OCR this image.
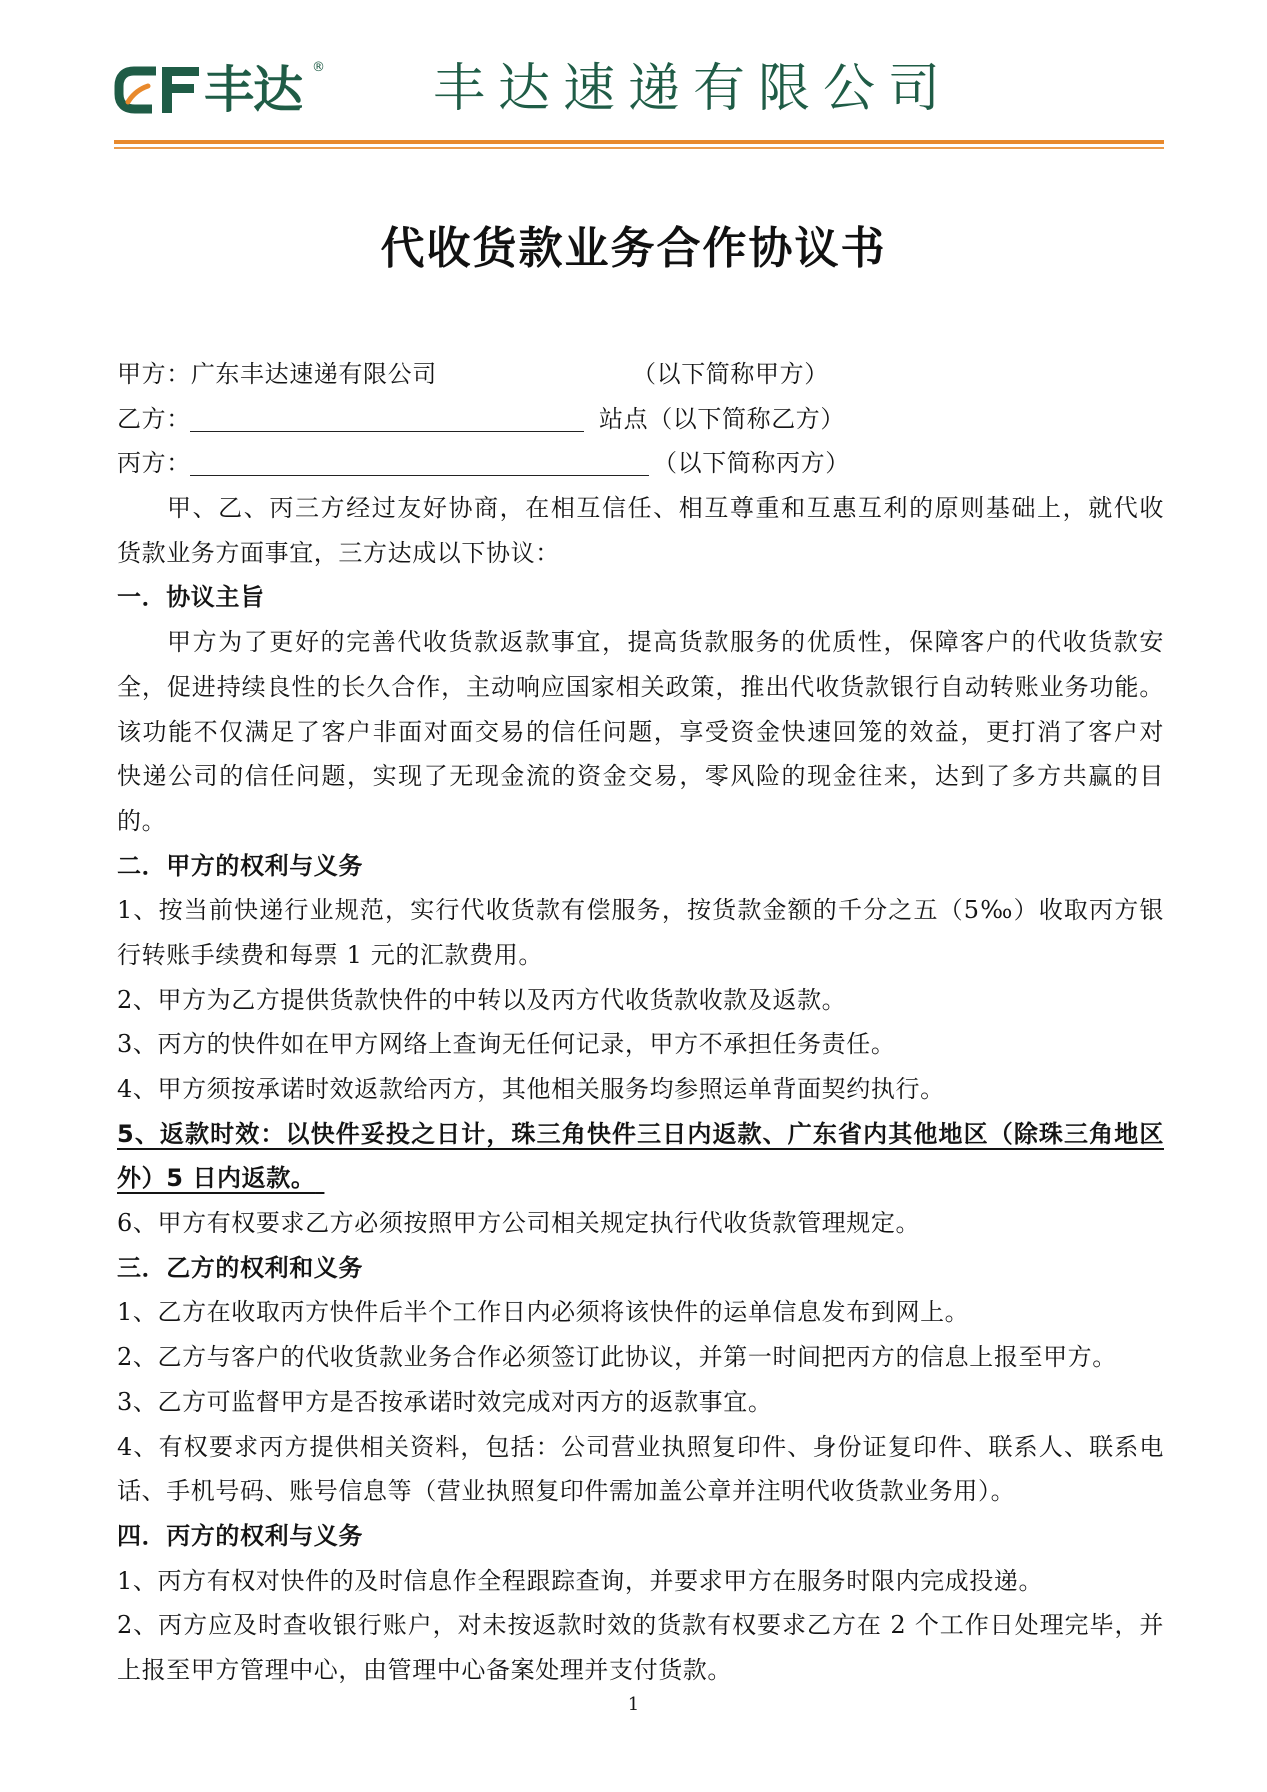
丰达 ® 丰达速递有限公司
代收货款业务合作协议书
甲方：广东丰达速递有限公司	（以下简称甲方）
乙方：	站点（以下简称乙方）
丙方：	（以下简称丙方）
甲、乙、丙三方经过友好协商，在相互信任、相互尊重和互惠互利的原则基础上，就代收
货款业务方面事宜，三方达成以下协议：
一．协议主旨
甲方为了更好的完善代收货款返款事宜，提高货款服务的优质性，保障客户的代收货款安
全，促进持续良性的长久合作，主动响应国家相关政策，推出代收货款银行自动转账业务功能。
该功能不仅满足了客户非面对面交易的信任问题，享受资金快速回笼的效益，更打消了客户对
快递公司的信任问题，实现了无现金流的资金交易，零风险的现金往来，达到了多方共赢的目
的。
二．甲方的权利与义务
1、按当前快递行业规范，实行代收货款有偿服务，按货款金额的千分之五（5‰）收取丙方银
行转账手续费和每票 1 元的汇款费用。
2、甲方为乙方提供货款快件的中转以及丙方代收货款收款及返款。
3、丙方的快件如在甲方网络上查询无任何记录，甲方不承担任务责任。
4、甲方须按承诺时效返款给丙方，其他相关服务均参照运单背面契约执行。
5、返款时效：以快件妥投之日计，珠三角快件三日内返款、广东省内其他地区（除珠三角地区
外）5 日内返款。
6、甲方有权要求乙方必须按照甲方公司相关规定执行代收货款管理规定。
三．乙方的权利和义务
1、乙方在收取丙方快件后半个工作日内必须将该快件的运单信息发布到网上。
2、乙方与客户的代收货款业务合作必须签订此协议，并第一时间把丙方的信息上报至甲方。
3、乙方可监督甲方是否按承诺时效完成对丙方的返款事宜。
4、有权要求丙方提供相关资料，包括：公司营业执照复印件、身份证复印件、联系人、联系电
话、手机号码、账号信息等（营业执照复印件需加盖公章并注明代收货款业务用）。
四．丙方的权利与义务
1、丙方有权对快件的及时信息作全程跟踪查询，并要求甲方在服务时限内完成投递。
2、丙方应及时查收银行账户，对未按返款时效的货款有权要求乙方在 2 个工作日处理完毕，并
上报至甲方管理中心，由管理中心备案处理并支付货款。
1
